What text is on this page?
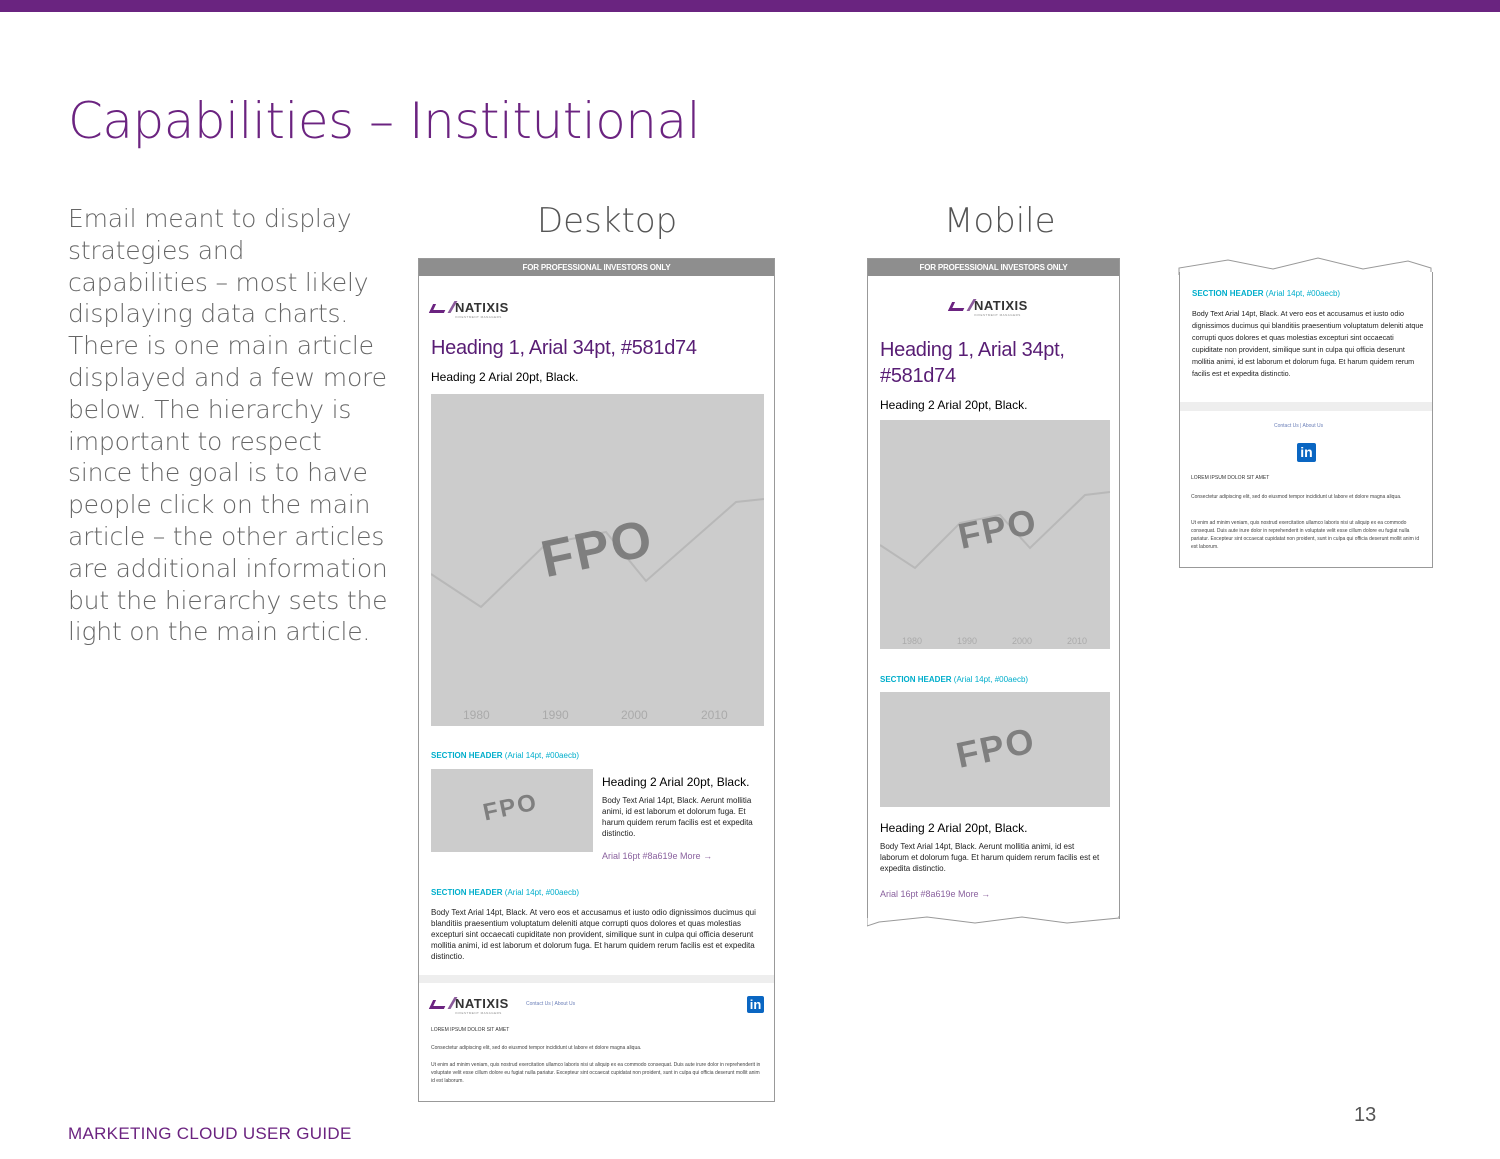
Capabilities – Institutional
Email meant to display strategies and capabilities – most likely displaying data charts. There is one main article displayed and a few more below. The hierarchy is important to respect since the goal is to have people click on the main article – the other articles are additional information but the hierarchy sets the light on the main article.
Desktop	Mobile
FOR PROFESSIONAL INVESTORS ONLY
NATIXIS
INVESTMENT MANAGERS
Heading 1, Arial 34pt, #581d74
Heading 2 Arial 20pt, Black.
FPO
1980	1990	2000	2010
SECTION HEADER (Arial 14pt, #00aecb)
FPO
Heading 2 Arial 20pt, Black.
Body Text Arial 14pt, Black. Aerunt mollitia animi, id est laborum et dolorum fuga. Et harum quidem rerum facilis est et expedita distinctio.
Arial 16pt #8a619e More →
SECTION HEADER (Arial 14pt, #00aecb)
Body Text Arial 14pt, Black. At vero eos et accusamus et iusto odio dignissimos ducimus qui blanditiis praesentium voluptatum deleniti atque corrupti quos dolores et quas molestias excepturi sint occaecati cupiditate non provident, similique sunt in culpa qui officia deserunt mollitia animi, id est laborum et dolorum fuga. Et harum quidem rerum facilis est et expedita distinctio.
NATIXIS
INVESTMENT MANAGERS
Contact Us | About Us	in
LOREM IPSUM DOLOR SIT AMET
Consectetur adipiscing elit, sed do eiusmod tempor incididunt ut labore et dolore magna aliqua.
Ut enim ad minim veniam, quis nostrud exercitation ullamco laboris nisi ut aliquip ex ea commodo consequat. Duis aute irure dolor in reprehenderit in voluptate velit esse cillum dolore eu fugiat nulla pariatur. Excepteur sint occaecat cupidatat non proident, sunt in culpa qui officia deserunt mollit anim id est laborum.
FOR PROFESSIONAL INVESTORS ONLY
NATIXIS
INVESTMENT MANAGERS
Heading 1, Arial 34pt, #581d74
Heading 2 Arial 20pt, Black.
FPO
1980	1990	2000	2010
SECTION HEADER (Arial 14pt, #00aecb)
FPO
Heading 2 Arial 20pt, Black.
Body Text Arial 14pt, Black. Aerunt mollitia animi, id est laborum et dolorum fuga. Et harum quidem rerum facilis est et expedita distinctio.
Arial 16pt #8a619e More →
SECTION HEADER (Arial 14pt, #00aecb)
Body Text Arial 14pt, Black. At vero eos et accusamus et iusto odio dignissimos ducimus qui blanditiis praesentium voluptatum deleniti atque corrupti quos dolores et quas molestias excepturi sint occaecati cupiditate non provident, similique sunt in culpa qui officia deserunt mollitia animi, id est laborum et dolorum fuga. Et harum quidem rerum facilis est et expedita distinctio.
Contact Us | About Us
in
LOREM IPSUM DOLOR SIT AMET
Consectetur adipiscing elit, sed do eiusmod tempor incididunt ut labore et dolore magna aliqua.
Ut enim ad minim veniam, quis nostrud exercitation ullamco laboris nisi ut aliquip ex ea commodo consequat. Duis aute irure dolor in reprehenderit in voluptate velit esse cillum dolore eu fugiat nulla pariatur. Excepteur sint occaecat cupidatat non proident, sunt in culpa qui officia deserunt mollit anim id est laborum.
MARKETING CLOUD USER GUIDE
13
